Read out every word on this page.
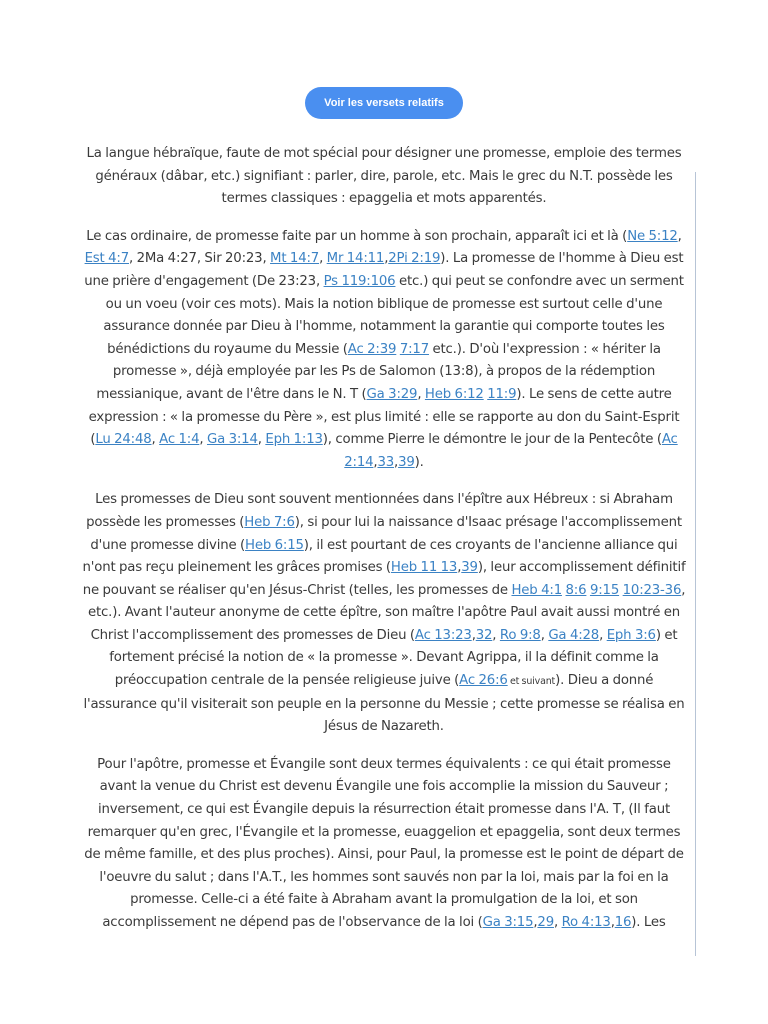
Voir les versets relatifs

La langue hébraïque, faute de mot spécial pour désigner une promesse, emploie des termes généraux (dâbar, etc.) signifiant : parler, dire, parole, etc. Mais le grec du N.T. possède les termes classiques : epaggelia et mots apparentés.

Le cas ordinaire, de promesse faite par un homme à son prochain, apparaît ici et là (Ne 5:12, Est 4:7, 2Ma 4:27, Sir 20:23, Mt 14:7, Mr 14:11,2Pi 2:19). La promesse de l'homme à Dieu est une prière d'engagement (De 23:23, Ps 119:106 etc.) qui peut se confondre avec un serment ou un voeu (voir ces mots). Mais la notion biblique de promesse est surtout celle d'une assurance donnée par Dieu à l'homme, notamment la garantie qui comporte toutes les bénédictions du royaume du Messie (Ac 2:39 7:17 etc.). D'où l'expression : « hériter la promesse », déjà employée par les Ps de Salomon (13:8), à propos de la rédemption messianique, avant de l'être dans le N. T (Ga 3:29, Heb 6:12 11:9). Le sens de cette autre expression : « la promesse du Père », est plus limité : elle se rapporte au don du Saint-Esprit (Lu 24:48, Ac 1:4, Ga 3:14, Eph 1:13), comme Pierre le démontre le jour de la Pentecôte (Ac 2:14,33,39).

Les promesses de Dieu sont souvent mentionnées dans l'épître aux Hébreux : si Abraham possède les promesses (Heb 7:6), si pour lui la naissance d'Isaac présage l'accomplissement d'une promesse divine (Heb 6:15), il est pourtant de ces croyants de l'ancienne alliance qui n'ont pas reçu pleinement les grâces promises (Heb 11 13,39), leur accomplissement définitif ne pouvant se réaliser qu'en Jésus-Christ (telles, les promesses de Heb 4:1 8:6 9:15 10:23-36, etc.). Avant l'auteur anonyme de cette épître, son maître l'apôtre Paul avait aussi montré en Christ l'accomplissement des promesses de Dieu (Ac 13:23,32, Ro 9:8, Ga 4:28, Eph 3:6) et fortement précisé la notion de « la promesse ». Devant Agrippa, il la définit comme la préoccupation centrale de la pensée religieuse juive (Ac 26:6 et suivant). Dieu a donné l'assurance qu'il visiterait son peuple en la personne du Messie ; cette promesse se réalisa en Jésus de Nazareth.

Pour l'apôtre, promesse et Évangile sont deux termes équivalents : ce qui était promesse avant la venue du Christ est devenu Évangile une fois accomplie la mission du Sauveur ; inversement, ce qui est Évangile depuis la résurrection était promesse dans l'A. T, (Il faut remarquer qu'en grec, l'Évangile et la promesse, euaggelion et epaggelia, sont deux termes de même famille, et des plus proches). Ainsi, pour Paul, la promesse est le point de départ de l'oeuvre du salut ; dans l'A.T., les hommes sont sauvés non par la loi, mais par la foi en la promesse. Celle-ci a été faite à Abraham avant la promulgation de la loi, et son accomplissement ne dépend pas de l'observance de la loi (Ga 3:15,29, Ro 4:13,16). Les
